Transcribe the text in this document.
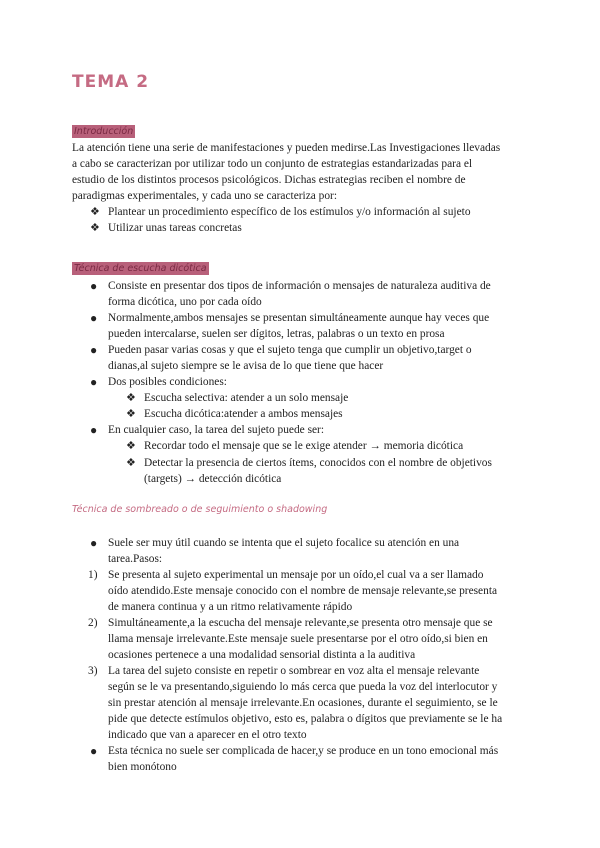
TEMA 2
Introducción
La atención tiene una serie de manifestaciones y pueden medirse.Las Investigaciones llevadas
a cabo se caracterizan por utilizar todo un conjunto de estrategias estandarizadas para el
estudio de los distintos procesos psicológicos. Dichas estrategias reciben el nombre de
paradigmas experimentales, y cada uno se caracteriza por:
❖ Plantear un procedimiento específico de los estímulos y/o información al sujeto
❖ Utilizar unas tareas concretas
Técnica de escucha dicótica
● Consiste en presentar dos tipos de información o mensajes de naturaleza auditiva de
forma dicótica, uno por cada oído
● Normalmente,ambos mensajes se presentan simultáneamente aunque hay veces que
pueden intercalarse, suelen ser dígitos, letras, palabras o un texto en prosa
● Pueden pasar varias cosas y que el sujeto tenga que cumplir un objetivo,target o
dianas,al sujeto siempre se le avisa de lo que tiene que hacer
● Dos posibles condiciones:
❖ Escucha selectiva: atender a un solo mensaje
❖ Escucha dicótica:atender a ambos mensajes
● En cualquier caso, la tarea del sujeto puede ser:
❖ Recordar todo el mensaje que se le exige atender → memoria dicótica
❖ Detectar la presencia de ciertos ítems, conocidos con el nombre de objetivos
(targets) → detección dicótica
Técnica de sombreado o de seguimiento o shadowing
● Suele ser muy útil cuando se intenta que el sujeto focalice su atención en una
tarea.Pasos:
1) Se presenta al sujeto experimental un mensaje por un oído,el cual va a ser llamado
oído atendido.Este mensaje conocido con el nombre de mensaje relevante,se presenta
de manera continua y a un ritmo relativamente rápido
2) Simultáneamente,a la escucha del mensaje relevante,se presenta otro mensaje que se
llama mensaje irrelevante.Este mensaje suele presentarse por el otro oído,si bien en
ocasiones pertenece a una modalidad sensorial distinta a la auditiva
3) La tarea del sujeto consiste en repetir o sombrear en voz alta el mensaje relevante
según se le va presentando,siguiendo lo más cerca que pueda la voz del interlocutor y
sin prestar atención al mensaje irrelevante.En ocasiones, durante el seguimiento, se le
pide que detecte estímulos objetivo, esto es, palabra o dígitos que previamente se le ha
indicado que van a aparecer en el otro texto
● Esta técnica no suele ser complicada de hacer,y se produce en un tono emocional más
bien monótono
